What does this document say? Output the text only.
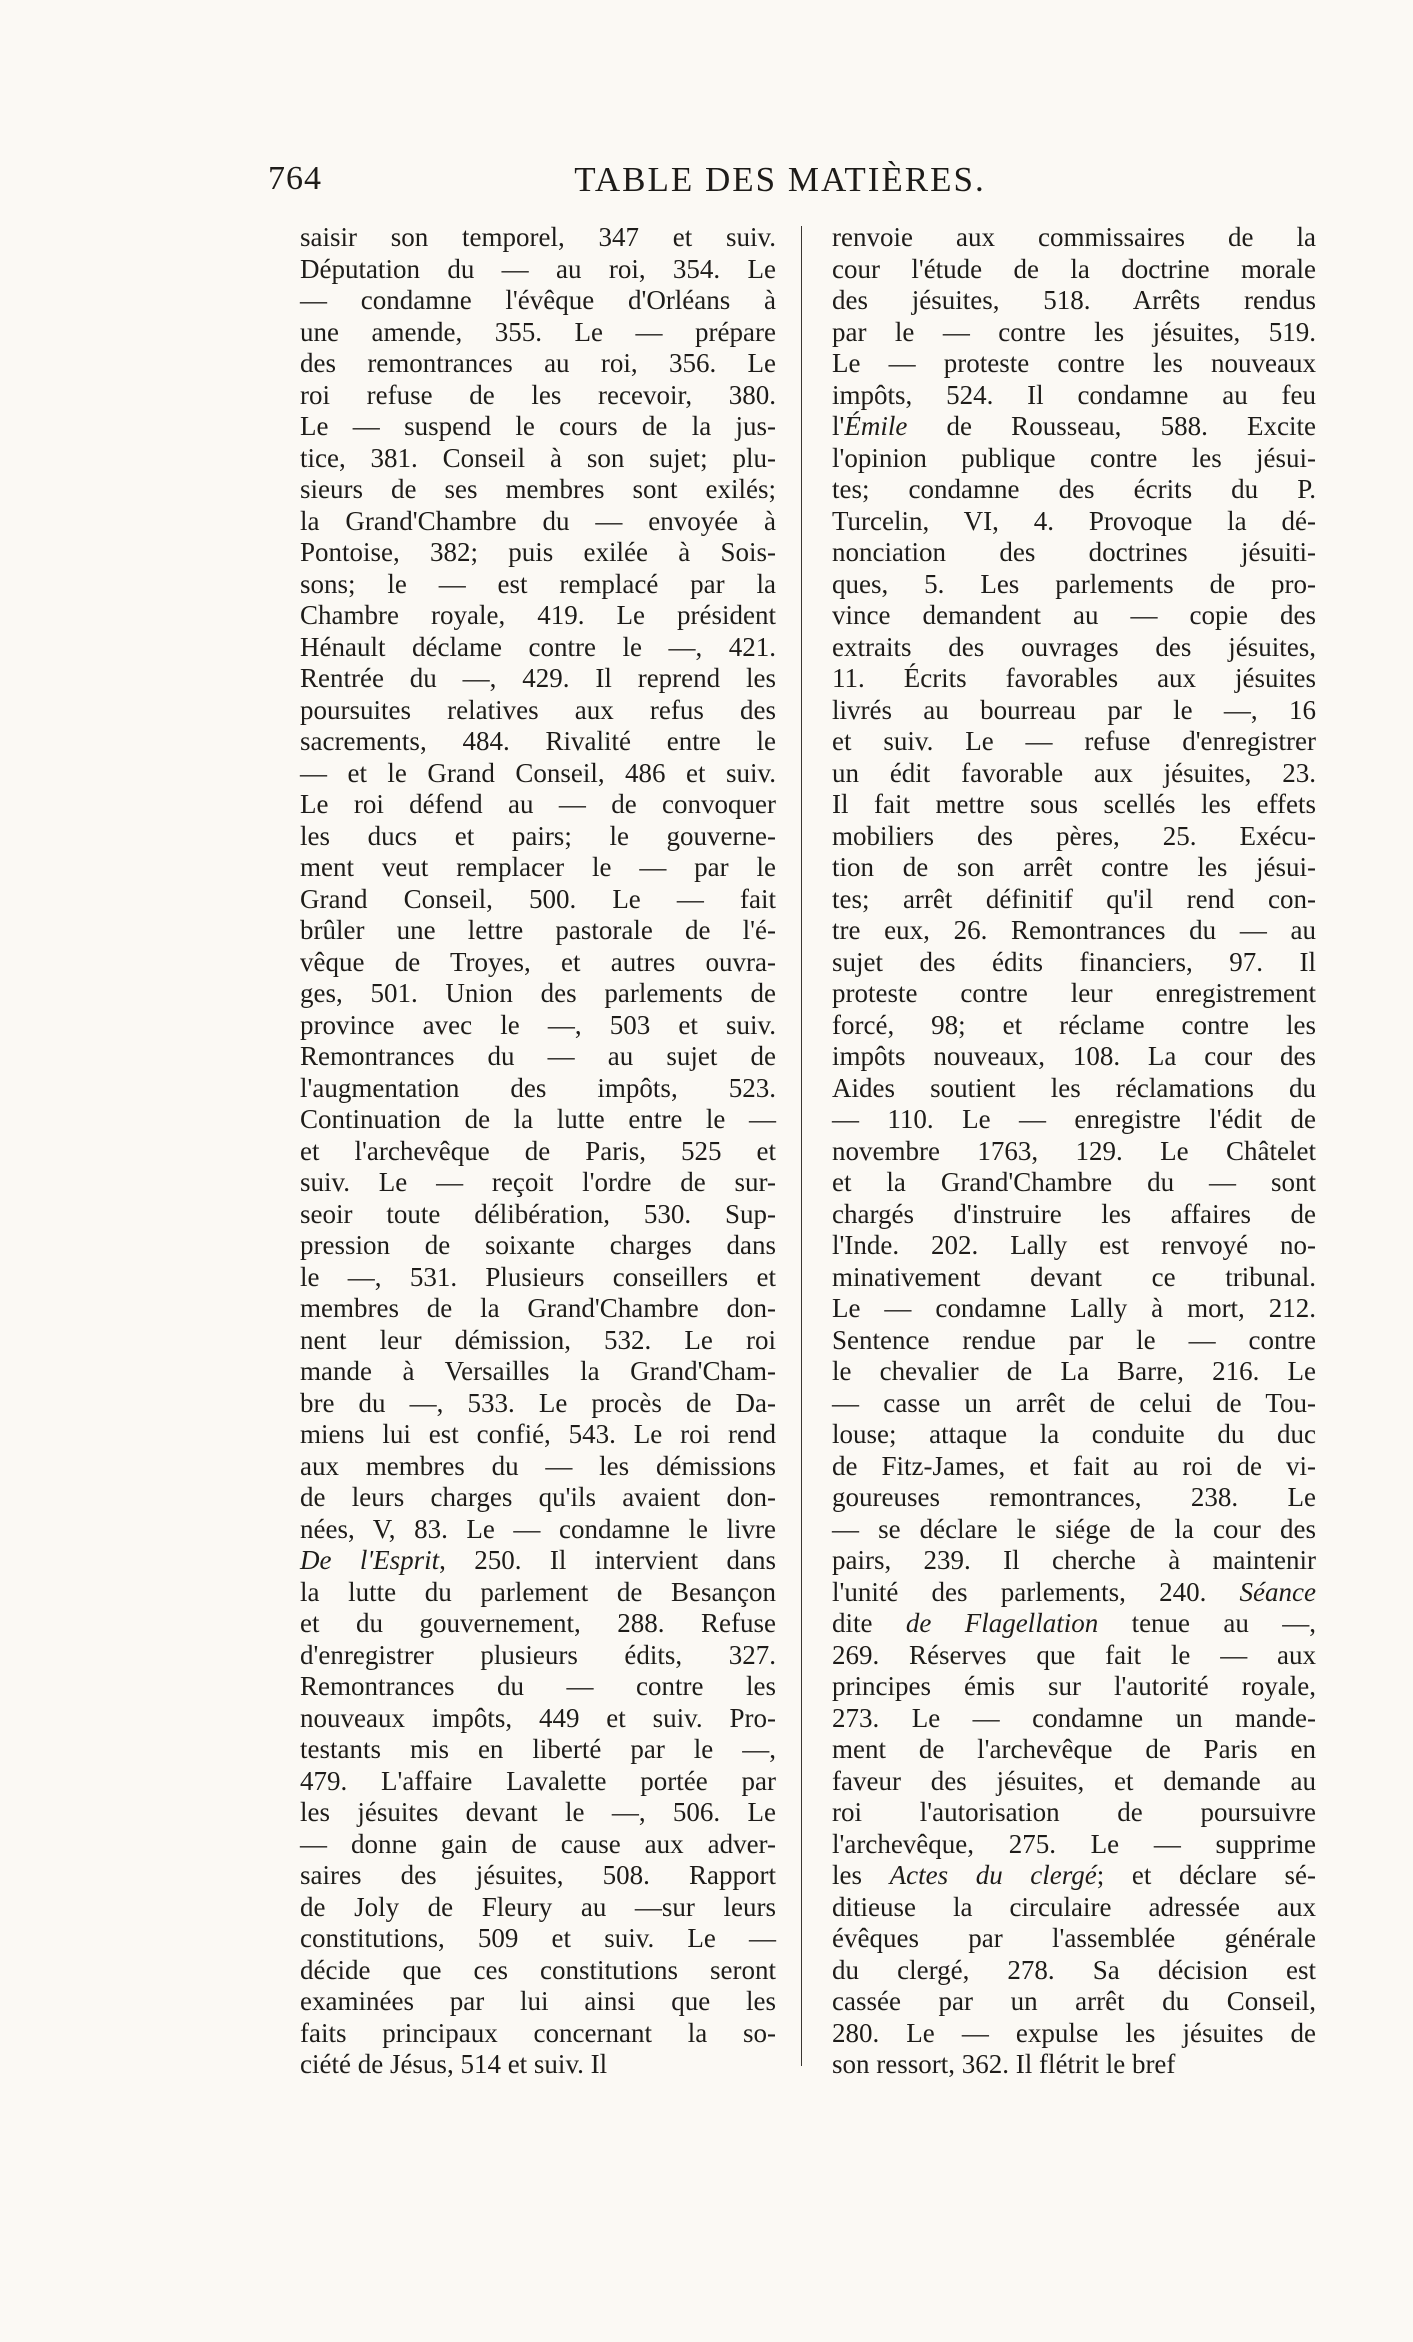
764	TABLE DES MATIÈRES.
saisir son temporel, 347 et suiv.
Députation du — au roi, 354. Le
— condamne l'évêque d'Orléans à
une amende, 355. Le — prépare
des remontrances au roi, 356. Le
roi refuse de les recevoir, 380.
Le — suspend le cours de la jus-
tice, 381. Conseil à son sujet; plu-
sieurs de ses membres sont exilés;
la Grand'Chambre du — envoyée à
Pontoise, 382; puis exilée à Sois-
sons; le — est remplacé par la
Chambre royale, 419. Le président
Hénault déclame contre le —, 421.
Rentrée du —, 429. Il reprend les
poursuites relatives aux refus des
sacrements, 484. Rivalité entre le
— et le Grand Conseil, 486 et suiv.
Le roi défend au — de convoquer
les ducs et pairs; le gouverne-
ment veut remplacer le — par le
Grand Conseil, 500. Le — fait
brûler une lettre pastorale de l'é-
vêque de Troyes, et autres ouvra-
ges, 501. Union des parlements de
province avec le —, 503 et suiv.
Remontrances du — au sujet de
l'augmentation des impôts, 523.
Continuation de la lutte entre le —
et l'archevêque de Paris, 525 et
suiv. Le — reçoit l'ordre de sur-
seoir toute délibération, 530. Sup-
pression de soixante charges dans
le —, 531. Plusieurs conseillers et
membres de la Grand'Chambre don-
nent leur démission, 532. Le roi
mande à Versailles la Grand'Cham-
bre du —, 533. Le procès de Da-
miens lui est confié, 543. Le roi rend
aux membres du — les démissions
de leurs charges qu'ils avaient don-
nées, V, 83. Le — condamne le livre
De l'Esprit, 250. Il intervient dans
la lutte du parlement de Besançon
et du gouvernement, 288. Refuse
d'enregistrer plusieurs édits, 327.
Remontrances du — contre les
nouveaux impôts, 449 et suiv. Pro-
testants mis en liberté par le —,
479. L'affaire Lavalette portée par
les jésuites devant le —, 506. Le
— donne gain de cause aux adver-
saires des jésuites, 508. Rapport
de Joly de Fleury au —sur leurs
constitutions, 509 et suiv. Le —
décide que ces constitutions seront
examinées par lui ainsi que les
faits principaux concernant la so-
ciété de Jésus, 514 et suiv. Il
renvoie aux commissaires de la
cour l'étude de la doctrine morale
des jésuites, 518. Arrêts rendus
par le — contre les jésuites, 519.
Le — proteste contre les nouveaux
impôts, 524. Il condamne au feu
l'Émile de Rousseau, 588. Excite
l'opinion publique contre les jésui-
tes; condamne des écrits du P.
Turcelin, VI, 4. Provoque la dé-
nonciation des doctrines jésuiti-
ques, 5. Les parlements de pro-
vince demandent au — copie des
extraits des ouvrages des jésuites,
11. Écrits favorables aux jésuites
livrés au bourreau par le —, 16
et suiv. Le — refuse d'enregistrer
un édit favorable aux jésuites, 23.
Il fait mettre sous scellés les effets
mobiliers des pères, 25. Exécu-
tion de son arrêt contre les jésui-
tes; arrêt définitif qu'il rend con-
tre eux, 26. Remontrances du — au
sujet des édits financiers, 97. Il
proteste contre leur enregistrement
forcé, 98; et réclame contre les
impôts nouveaux, 108. La cour des
Aides soutient les réclamations du
— 110. Le — enregistre l'édit de
novembre 1763, 129. Le Châtelet
et la Grand'Chambre du — sont
chargés d'instruire les affaires de
l'Inde. 202. Lally est renvoyé no-
minativement devant ce tribunal.
Le — condamne Lally à mort, 212.
Sentence rendue par le — contre
le chevalier de La Barre, 216. Le
— casse un arrêt de celui de Tou-
louse; attaque la conduite du duc
de Fitz-James, et fait au roi de vi-
goureuses remontrances, 238. Le
— se déclare le siége de la cour des
pairs, 239. Il cherche à maintenir
l'unité des parlements, 240. Séance
dite de Flagellation tenue au —,
269. Réserves que fait le — aux
principes émis sur l'autorité royale,
273. Le — condamne un mande-
ment de l'archevêque de Paris en
faveur des jésuites, et demande au
roi l'autorisation de poursuivre
l'archevêque, 275. Le — supprime
les Actes du clergé; et déclare sé-
ditieuse la circulaire adressée aux
évêques par l'assemblée générale
du clergé, 278. Sa décision est
cassée par un arrêt du Conseil,
280. Le — expulse les jésuites de
son ressort, 362. Il flétrit le bref
